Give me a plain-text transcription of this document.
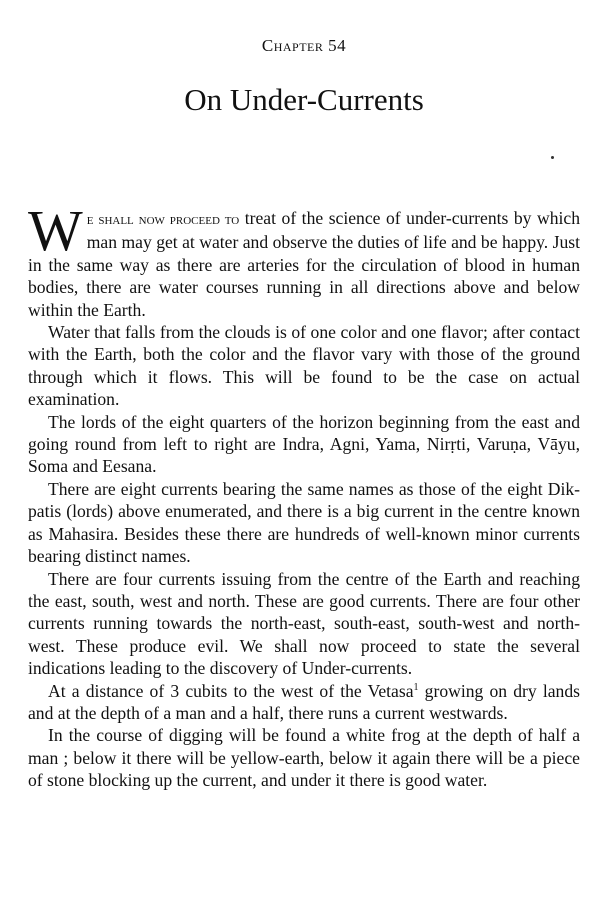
Chapter 54
On Under-Currents

We shall now proceed to treat of the science of under-currents by which man may get at water and observe the duties of life and be happy. Just in the same way as there are arteries for the circulation of blood in human bodies, there are water courses running in all directions above and below within the Earth.

Water that falls from the clouds is of one color and one flavor; after contact with the Earth, both the color and the flavor vary with those of the ground through which it flows. This will be found to be the case on actual examination.

The lords of the eight quarters of the horizon beginning from the east and going round from left to right are Indra, Agni, Yama, Nirṛti, Varuṇa, Vāyu, Soma and Eesana.

There are eight currents bearing the same names as those of the eight Dik-patis (lords) above enumerated, and there is a big current in the centre known as Mahasira. Besides these there are hundreds of well-known minor currents bearing distinct names.

There are four currents issuing from the centre of the Earth and reaching the east, south, west and north. These are good currents. There are four other currents running towards the north-east, south-east, south-west and north-west. These produce evil. We shall now proceed to state the several indications leading to the discovery of Under-currents.

At a distance of 3 cubits to the west of the Vetasa$^1$ growing on dry lands and at the depth of a man and a half, there runs a current westwards.

In the course of digging will be found a white frog at the depth of half a man ; below it there will be yellow-earth, below it again there will be a piece of stone blocking up the current, and under it there is good water.
